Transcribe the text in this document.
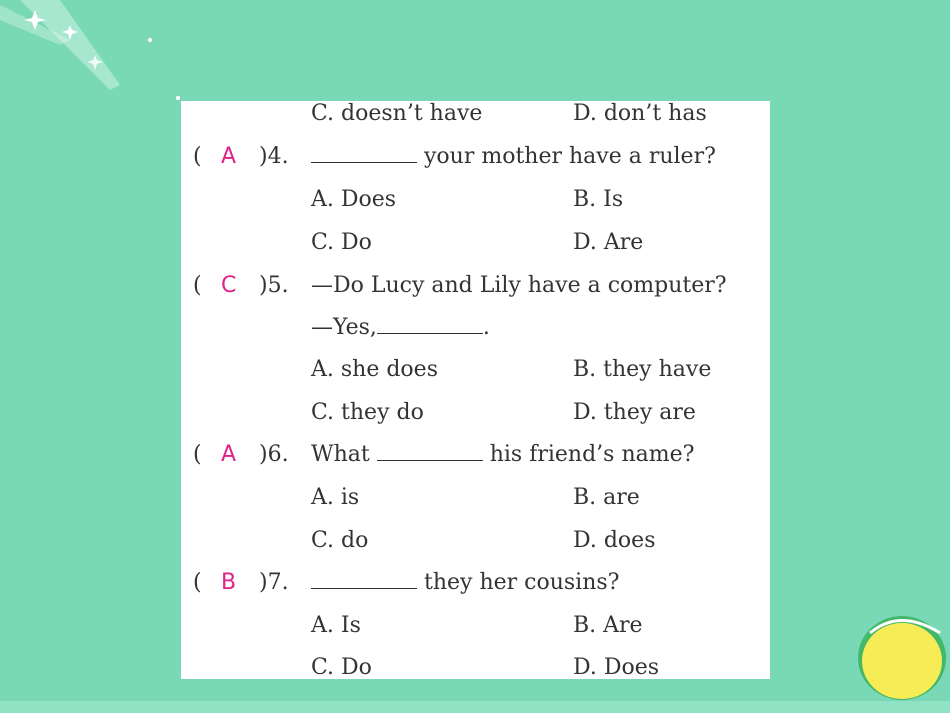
C. doesn’t have	D. don’t has
( A )4.	your mother have a ruler?
A. Does	B. Is
C. Do	D. Are
( C )5. —Do Lucy and Lily have a computer?
—Yes,	.
A. she does	B. they have
C. they do	D. they are
( A )6. What	his friend’s name?
A. is	B. are
C. do	D. does
( B )7.	they her cousins?
A. Is	B. Are
C. Do	D. Does
